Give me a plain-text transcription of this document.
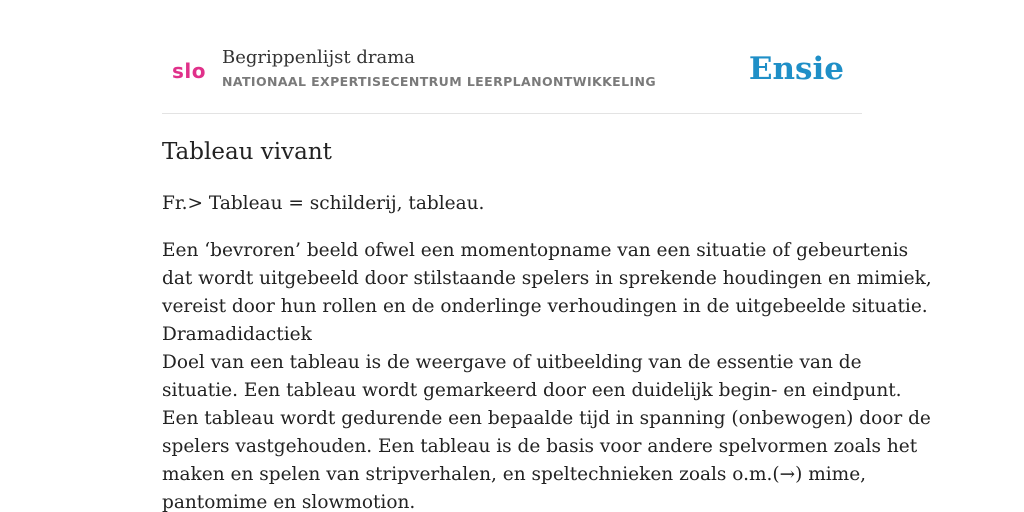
slo
Begrippenlijst drama
NATIONAAL EXPERTISECENTRUM LEERPLANONTWIKKELING	Ensie
Tableau vivant

Fr.> Tableau = schilderij, tableau.

Een ‘bevroren’ beeld ofwel een momentopname van een situatie of gebeurtenis
dat wordt uitgebeeld door stilstaande spelers in sprekende houdingen en mimiek,
vereist door hun rollen en de onderlinge verhoudingen in de uitgebeelde situatie.
Dramadidactiek
Doel van een tableau is de weergave of uitbeelding van de essentie van de
situatie. Een tableau wordt gemarkeerd door een duidelijk begin- en eindpunt.
Een tableau wordt gedurende een bepaalde tijd in spanning (onbewogen) door de
spelers vastgehouden. Een tableau is de basis voor andere spelvormen zoals het
maken en spelen van stripverhalen, en speltechnieken zoals o.m.(→) mime,
pantomime en slowmotion.
